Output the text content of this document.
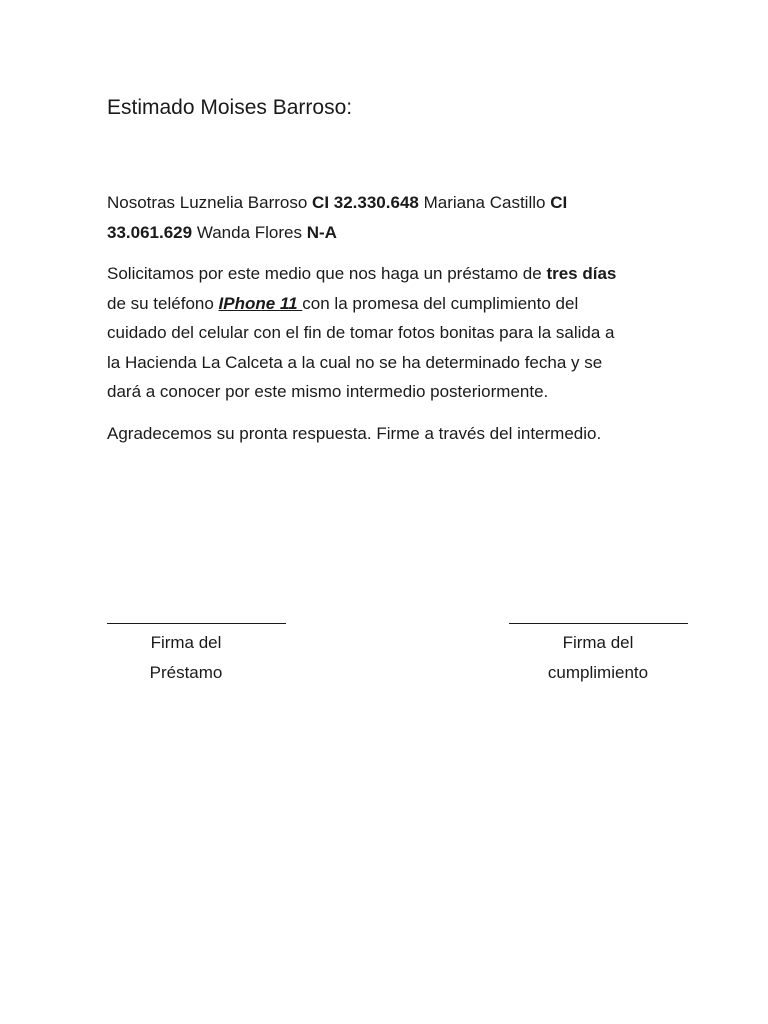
Estimado Moises Barroso:

Nosotras Luznelia Barroso CI 32.330.648 Mariana Castillo CI
33.061.629 Wanda Flores N-A

Solicitamos por este medio que nos haga un préstamo de tres días
de su teléfono IPhone 11 con la promesa del cumplimiento del
cuidado del celular con el fin de tomar fotos bonitas para la salida a
la Hacienda La Calceta a la cual no se ha determinado fecha y se
dará a conocer por este mismo intermedio posteriormente.

Agradecemos su pronta respuesta. Firme a través del intermedio.

Firma del
Préstamo
Firma del
cumplimiento
